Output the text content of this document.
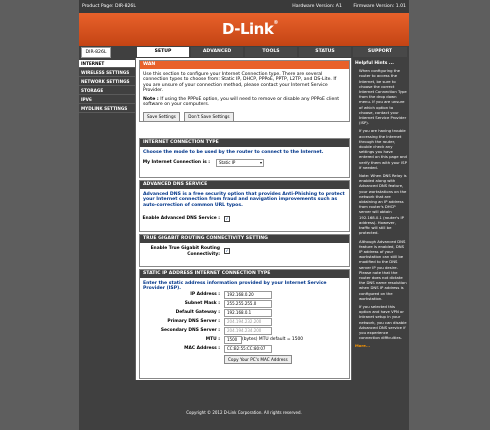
Product Page: DIR-826L	Hardware Version: A1 Firmware Version: 1.01
D-Link®
DIR-826L	SETUP	ADVANCED	TOOLS	STATUS	SUPPORT
INTERNET
WIRELESS SETTINGS
NETWORK SETTINGS
STORAGE
IPV6
MYDLINK SETTINGS
WAN
Use this section to configure your Internet Connection type. There are several connection types to choose from: Static IP, DHCP, PPPoE, PPTP, L2TP, and DS-Lite. If you are unsure of your connection method, please contact your Internet Service Provider.
Note : If using the PPPoE option, you will need to remove or disable any PPPoE client software on your computers.
Save Settings	Don't Save Settings
INTERNET CONNECTION TYPE
Choose the mode to be used by the router to connect to the Internet.
My Internet Connection is :	Static IP	▾
ADVANCED DNS SERVICE
Advanced DNS is a free security option that provides Anti-Phishing to protect your Internet connection from fraud and navigation improvements such as auto-correction of common URL typos.
Enable Advanced DNS Service :	✓
TRUE GIGABIT ROUTING CONNECTIVITY SETTING
Enable True Gigabit Routing
Connectivity:
✓
STATIC IP ADDRESS INTERNET CONNECTION TYPE
Enter the static address information provided by your Internet Service Provider (ISP).
IP Address :	192.168.0.20
Subnet Mask :	255.255.255.0
Default Gateway :	192.168.0.1
Primary DNS Server :	204.194.232.200
Secondary DNS Server :	204.194.234.200
MTU :	1500	(bytes) MTU default = 1500
MAC Address :	CC:B2:55:CC:80:07
Copy Your PC's MAC Address
Helpful Hints ...
• When configuring the router to access the Internet, be sure to choose the correct Internet Connection Type from the drop down menu. If you are unsure of which option to choose, contact your Internet Service Provider (ISP).
• If you are having trouble accessing the Internet through the router, double check any settings you have entered on this page and verify them with your ISP if needed.
• Note: When DNS Relay is enabled along with Advanced DNS feature, your workstations on the network that are obtaining an IP address from router's DHCP server will obtain 192.168.0.1 (router's IP address). However, traffic will still be protected.
• Although Advanced DNS feature is enabled, DNS IP address of your workstation can still be modified to the DNS server IP you desire. Please note that the router does not dictate the DNS name resolution when DNS IP address is configured on the workstation.
• If you selected this option and have VPN or Intranet setup in your network, you can disable Advanced DNS service if you experience connection difficulties.
More...
Copyright © 2012 D-Link Corporation. All rights reserved.
